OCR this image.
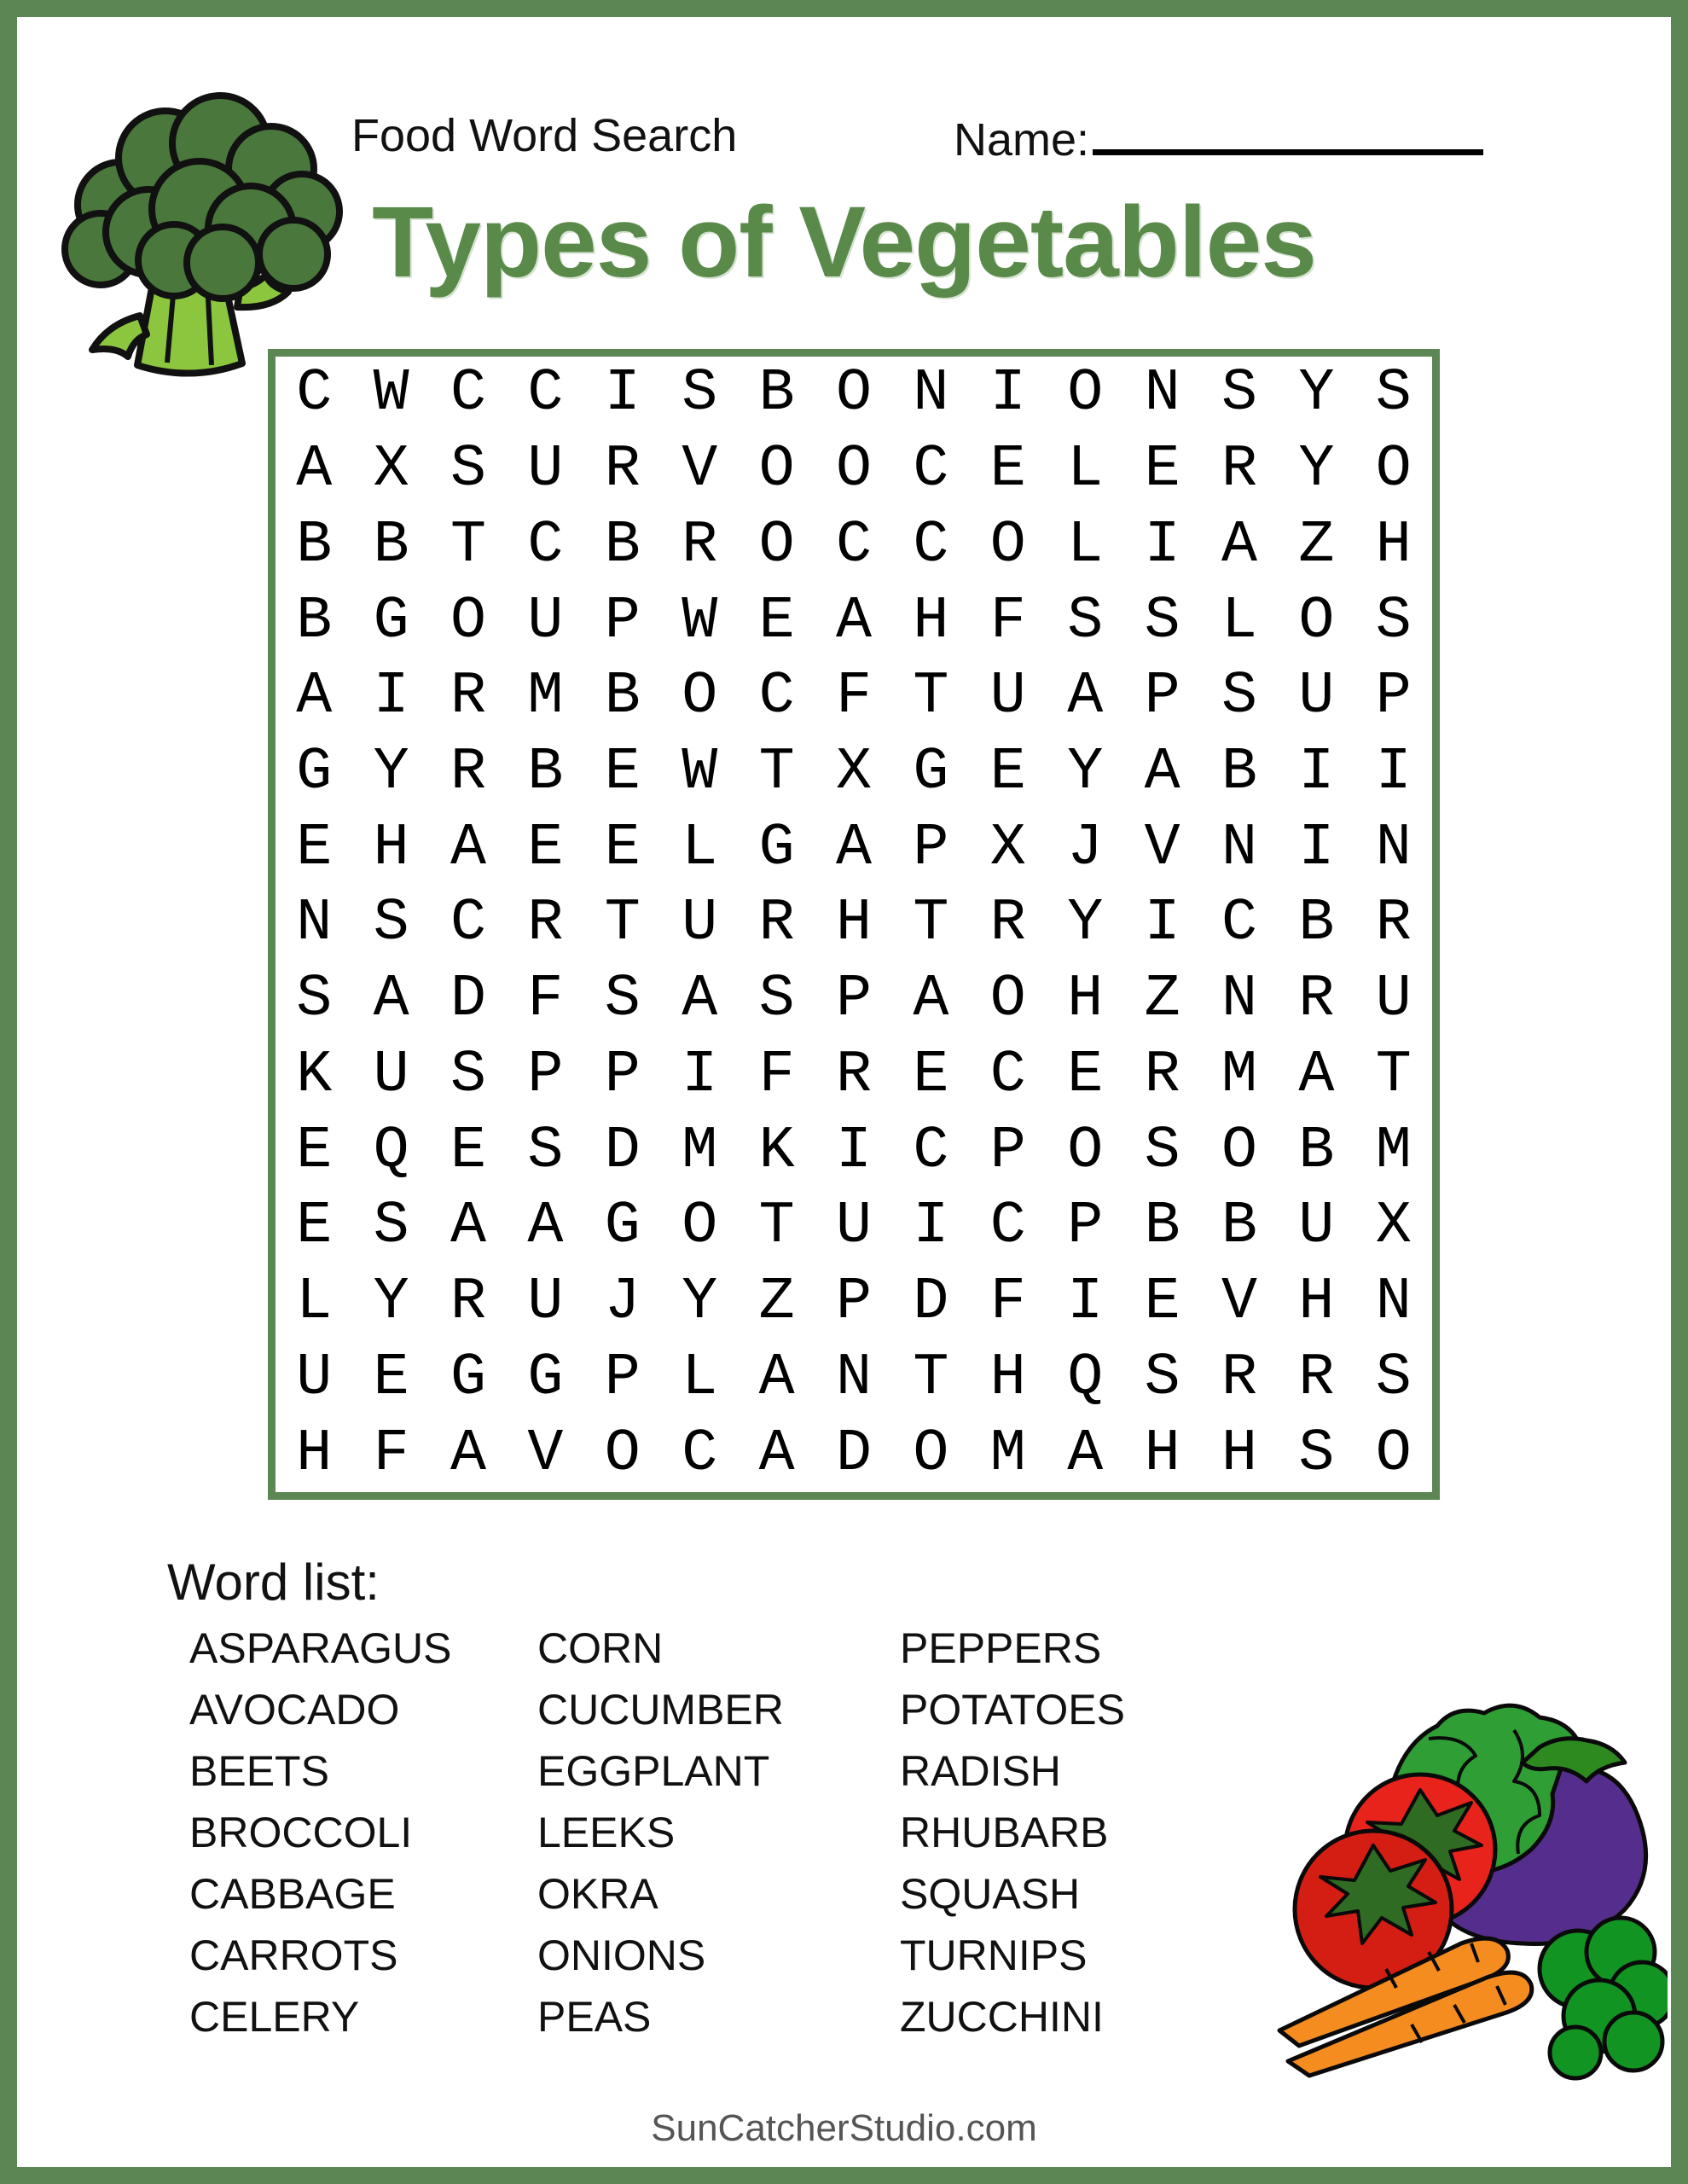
Food Word Search	Name:
Types of Vegetables
C W C C I S B O N I O N S Y S
A X S U R V O O C E L E R Y O
B B T C B R O C C O L I A Z H
B G O U P W E A H F S S L O S
A I R M B O C F T U A P S U P
G Y R B E W T X G E Y A B I I
E H A E E L G A P X J V N I N
N S C R T U R H T R Y I C B R
S A D F S A S P A O H Z N R U
K U S P P I F R E C E R M A T
E Q E S D M K I C P O S O B M
E S A A G O T U I C P B B U X
L Y R U J Y Z P D F I E V H N
U E G G P L A N T H Q S R R S
H F A V O C A D O M A H H S O
Word list:
ASPARAGUS
AVOCADO
BEETS
BROCCOLI
CABBAGE
CARROTS
CELERY
CORN
CUCUMBER
EGGPLANT
LEEKS
OKRA
ONIONS
PEAS
PEPPERS
POTATOES
RADISH
RHUBARB
SQUASH
TURNIPS
ZUCCHINI
SunCatcherStudio.com
